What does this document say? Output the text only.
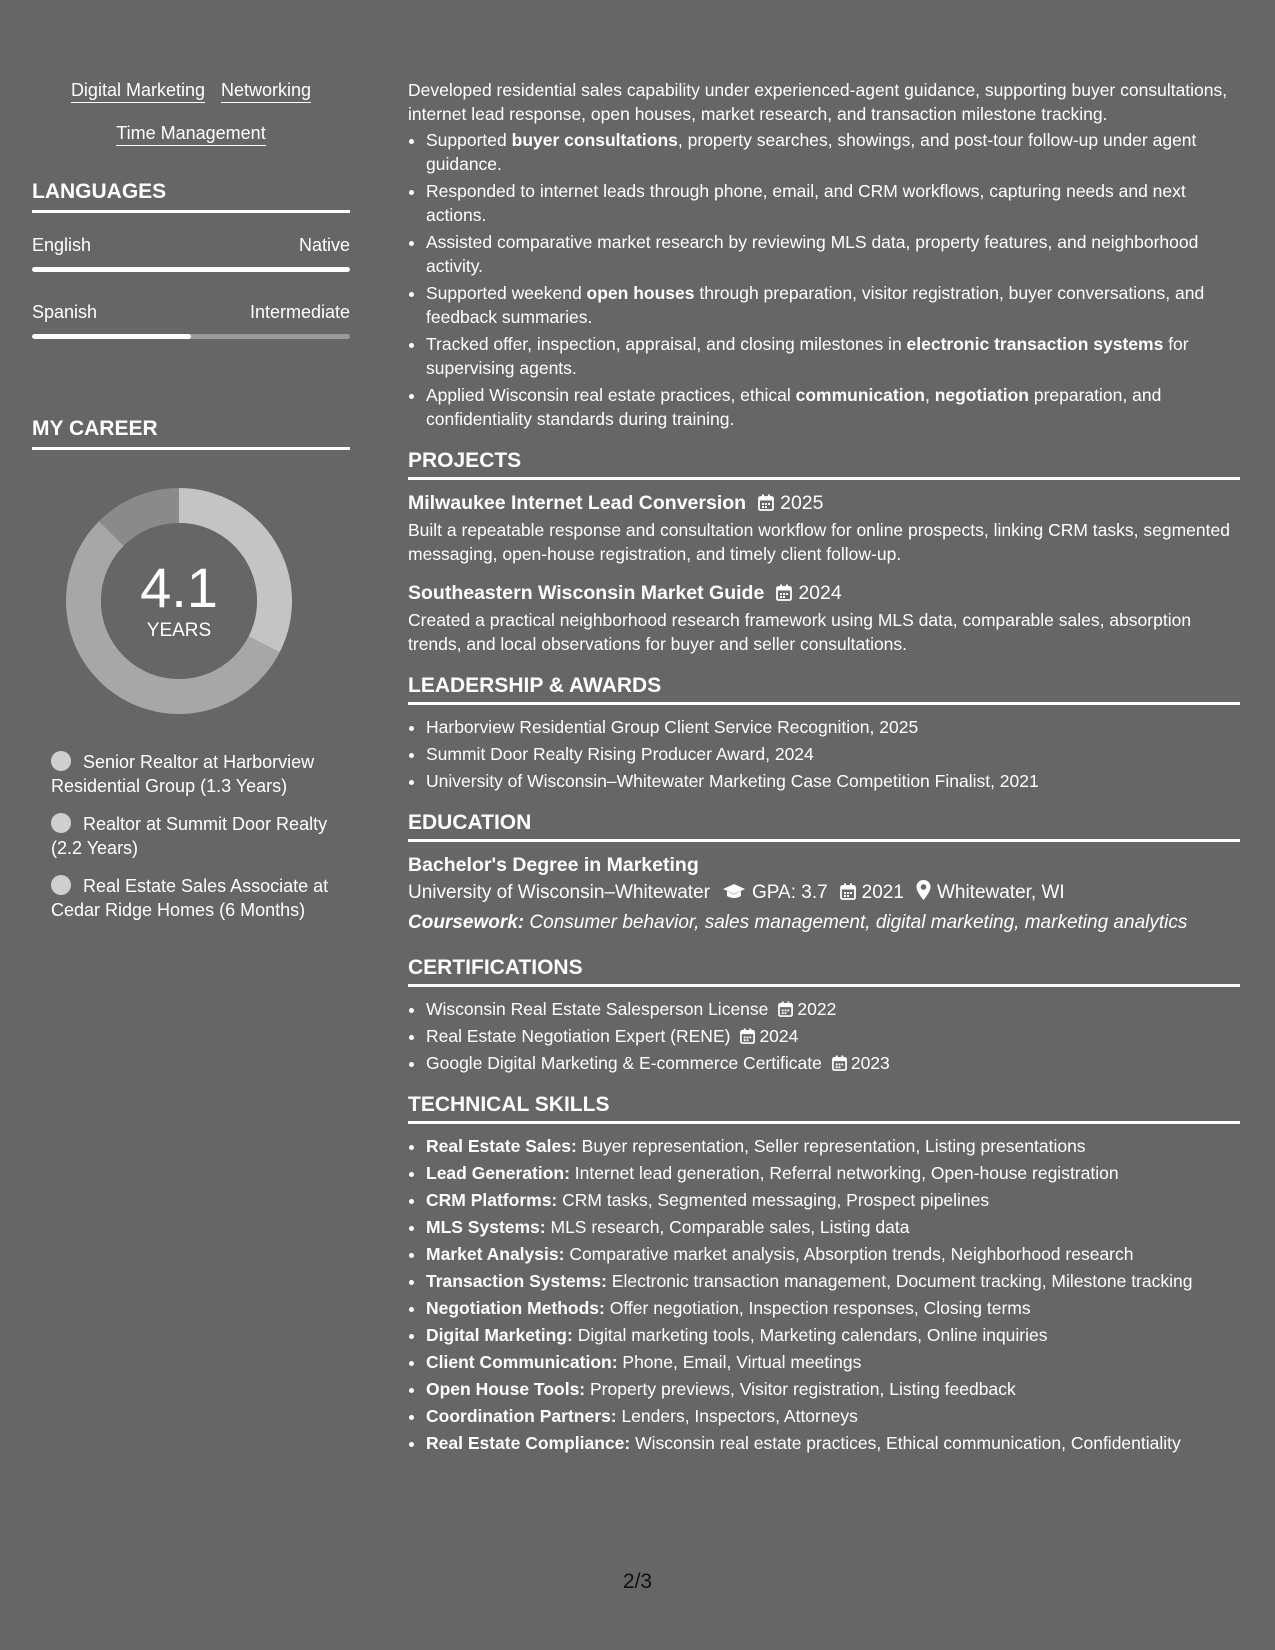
Digital Marketing Networking
Time Management
LANGUAGES
English	Native
Spanish	Intermediate
MY CAREER
4.1
YEARS
Senior Realtor at Harborview Residential Group (1.3 Years)
Realtor at Summit Door Realty (2.2 Years)
Real Estate Sales Associate at Cedar Ridge Homes (6 Months)

Developed residential sales capability under experienced-agent guidance, supporting buyer consultations, internet lead response, open houses, market research, and transaction milestone tracking.

• Supported buyer consultations, property searches, showings, and post-tour follow-up under agent guidance.
• Responded to internet leads through phone, email, and CRM workflows, capturing needs and next actions.
• Assisted comparative market research by reviewing MLS data, property features, and neighborhood activity.
• Supported weekend open houses through preparation, visitor registration, buyer conversations, and feedback summaries.
• Tracked offer, inspection, appraisal, and closing milestones in electronic transaction systems for supervising agents.
• Applied Wisconsin real estate practices, ethical communication, negotiation preparation, and confidentiality standards during training.
PROJECTS
Milwaukee Internet Lead Conversion 2025

Built a repeatable response and consultation workflow for online prospects, linking CRM tasks, segmented messaging, open-house registration, and timely client follow-up.

Southeastern Wisconsin Market Guide 2024

Created a practical neighborhood research framework using MLS data, comparable sales, absorption trends, and local observations for buyer and seller consultations.

LEADERSHIP & AWARDS
• Harborview Residential Group Client Service Recognition, 2025
• Summit Door Realty Rising Producer Award, 2024
• University of Wisconsin–Whitewater Marketing Case Competition Finalist, 2021
EDUCATION
Bachelor's Degree in Marketing
University of Wisconsin–Whitewater GPA: 3.7 2021 Whitewater, WI
Coursework: Consumer behavior, sales management, digital marketing, marketing analytics
CERTIFICATIONS
• Wisconsin Real Estate Salesperson License 2022
• Real Estate Negotiation Expert (RENE) 2024
• Google Digital Marketing & E-commerce Certificate 2023
TECHNICAL SKILLS
• Real Estate Sales: Buyer representation, Seller representation, Listing presentations
• Lead Generation: Internet lead generation, Referral networking, Open-house registration
• CRM Platforms: CRM tasks, Segmented messaging, Prospect pipelines
• MLS Systems: MLS research, Comparable sales, Listing data
• Market Analysis: Comparative market analysis, Absorption trends, Neighborhood research
• Transaction Systems: Electronic transaction management, Document tracking, Milestone tracking
• Negotiation Methods: Offer negotiation, Inspection responses, Closing terms
• Digital Marketing: Digital marketing tools, Marketing calendars, Online inquiries
• Client Communication: Phone, Email, Virtual meetings
• Open House Tools: Property previews, Visitor registration, Listing feedback
• Coordination Partners: Lenders, Inspectors, Attorneys
• Real Estate Compliance: Wisconsin real estate practices, Ethical communication, Confidentiality
2/3
